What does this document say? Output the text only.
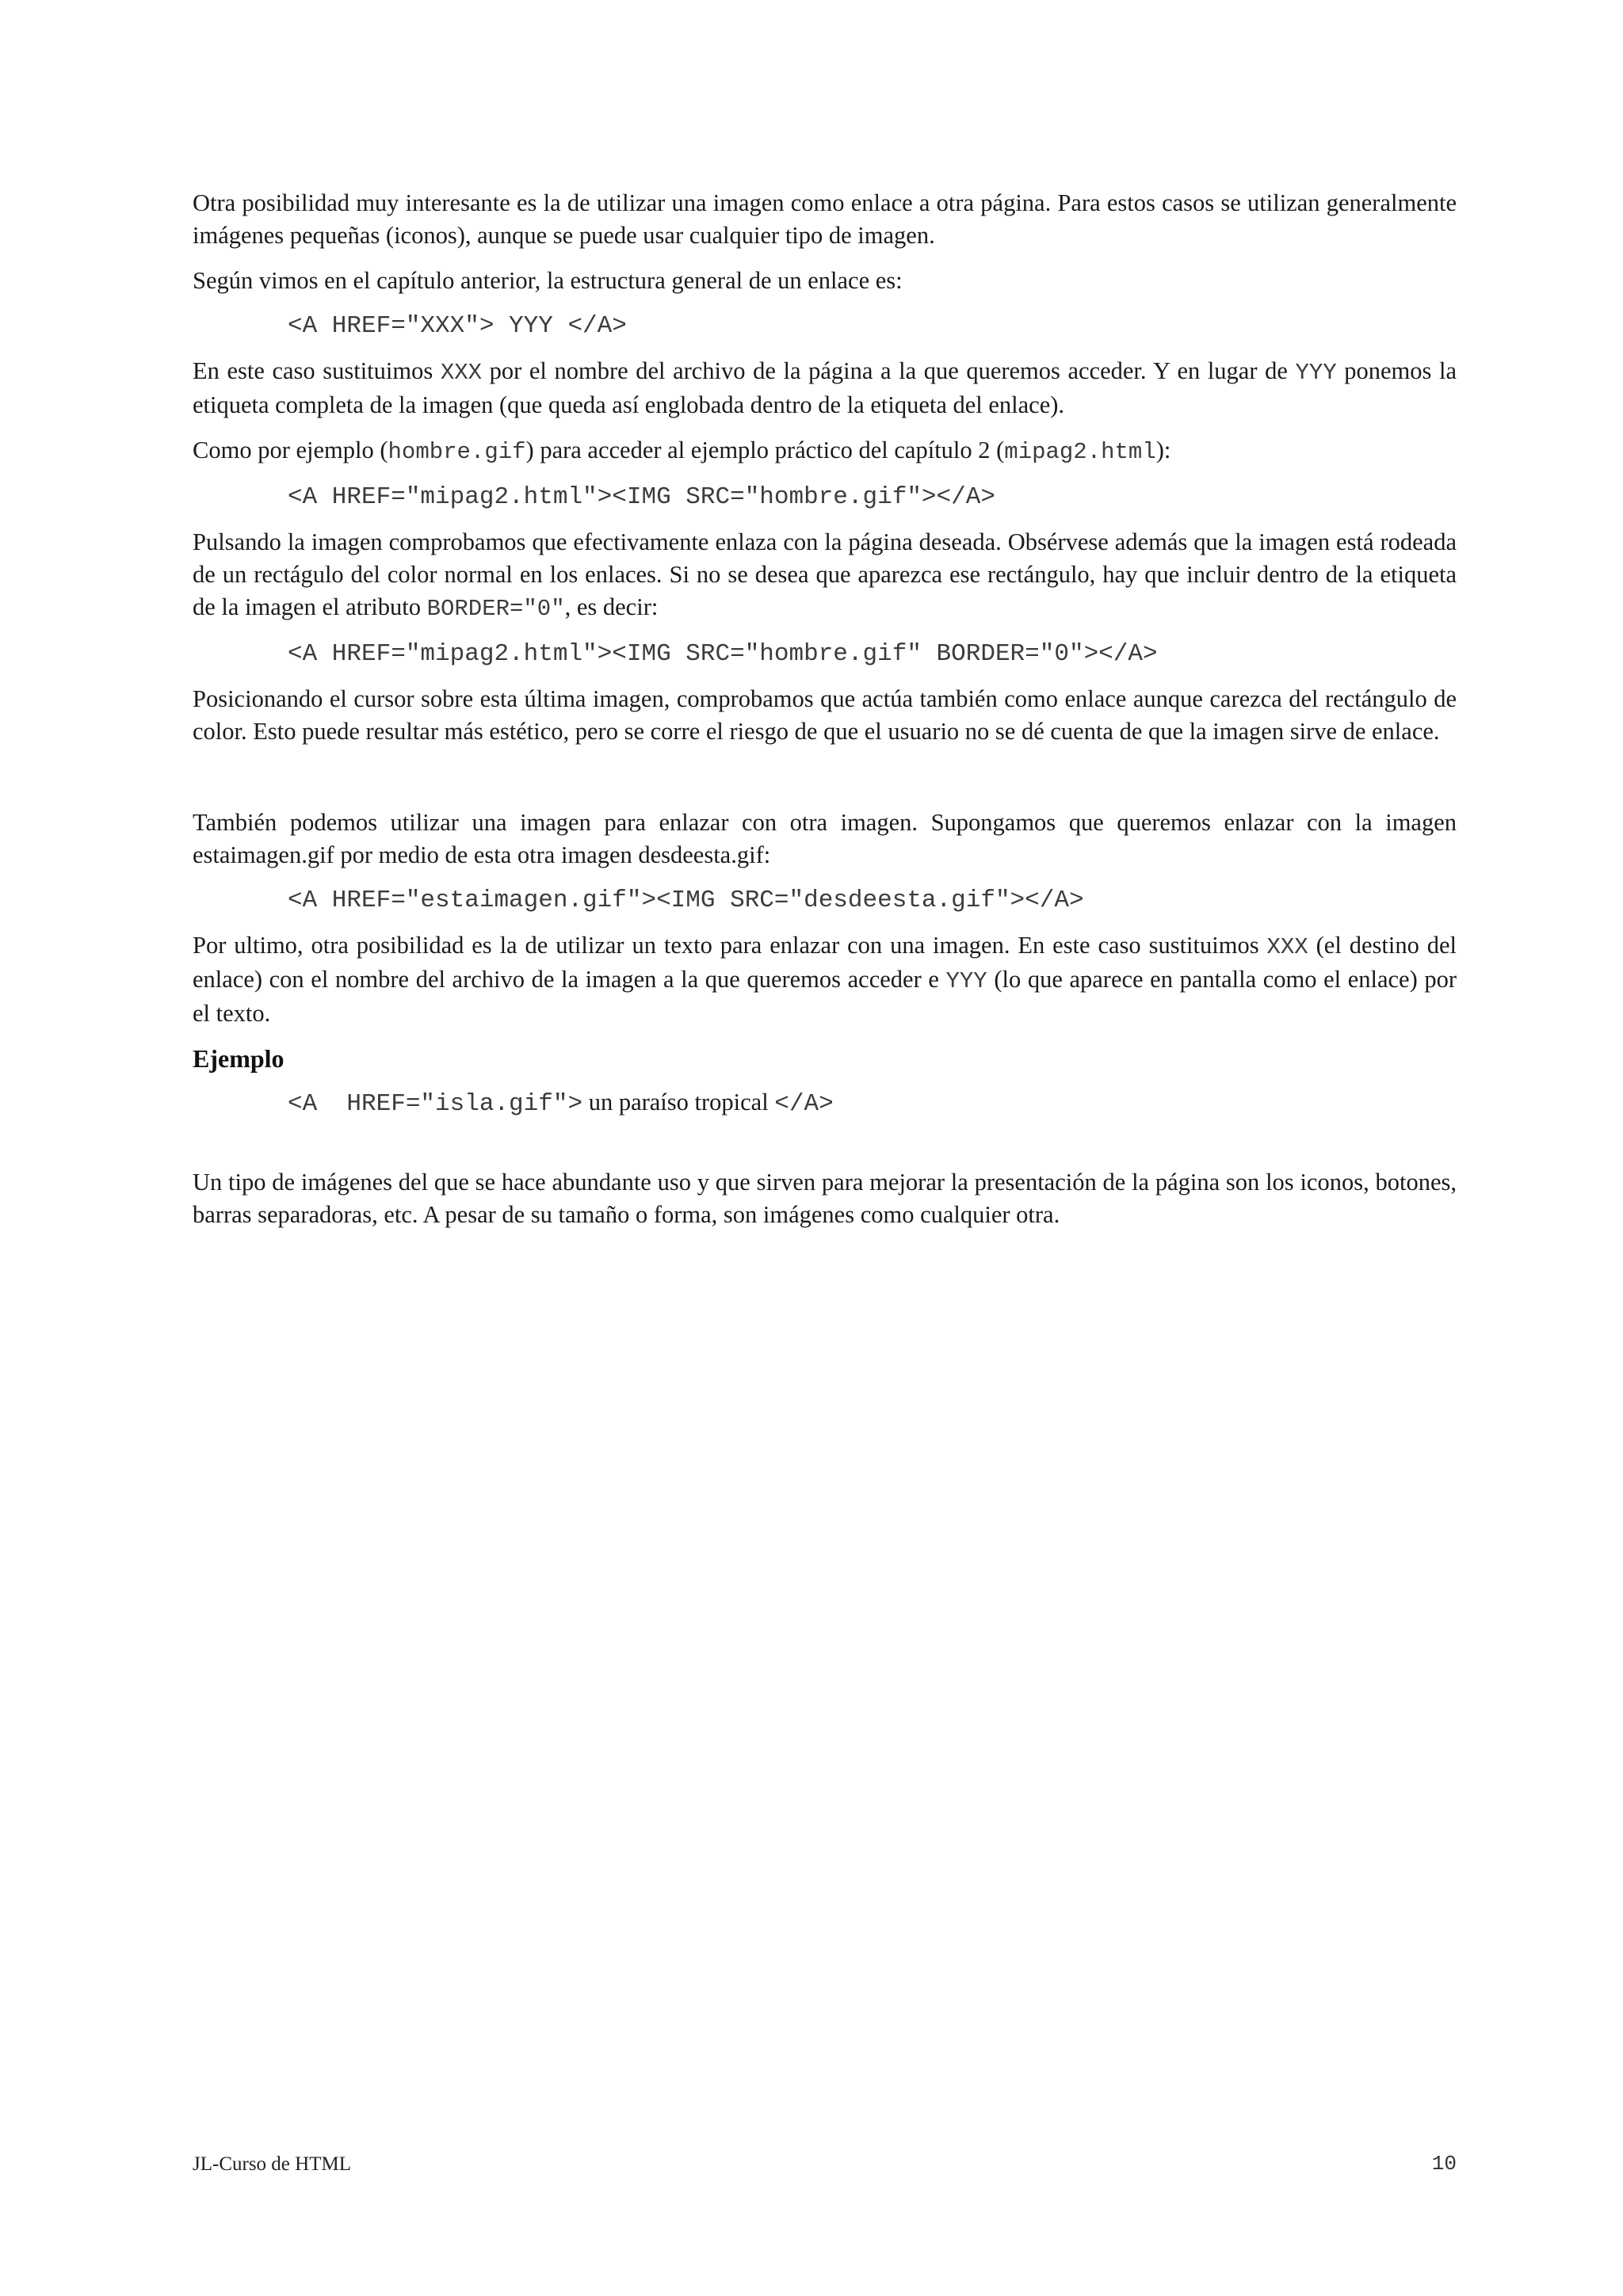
Otra posibilidad muy interesante es la de utilizar una imagen como enlace a otra página. Para estos casos se utilizan generalmente imágenes pequeñas (iconos), aunque se puede usar cualquier tipo de imagen.

Según vimos en el capítulo anterior, la estructura general de un enlace es:

<A HREF="XXX"> YYY </A>

En este caso sustituimos XXX por el nombre del archivo de la página a la que queremos acceder. Y en lugar de YYY ponemos la etiqueta completa de la imagen (que queda así englobada dentro de la etiqueta del enlace).

Como por ejemplo (hombre.gif) para acceder al ejemplo práctico del capítulo 2 (mipag2.html):

<A HREF="mipag2.html"><IMG SRC="hombre.gif"></A>

Pulsando la imagen comprobamos que efectivamente enlaza con la página deseada. Obsérvese además que la imagen está rodeada de un rectágulo del color normal en los enlaces. Si no se desea que aparezca ese rectángulo, hay que incluir dentro de la etiqueta de la imagen el atributo BORDER="0", es decir:

<A HREF="mipag2.html"><IMG SRC="hombre.gif" BORDER="0"></A>

Posicionando el cursor sobre esta última imagen, comprobamos que actúa también como enlace aunque carezca del rectángulo de color. Esto puede resultar más estético, pero se corre el riesgo de que el usuario no se dé cuenta de que la imagen sirve de enlace.

También podemos utilizar una imagen para enlazar con otra imagen. Supongamos que queremos enlazar con la imagen estaimagen.gif por medio de esta otra imagen desdeesta.gif:

<A HREF="estaimagen.gif"><IMG SRC="desdeesta.gif"></A>

Por ultimo, otra posibilidad es la de utilizar un texto para enlazar con una imagen. En este caso sustituimos XXX (el destino del enlace) con el nombre del archivo de la imagen a la que queremos acceder e YYY (lo que aparece en pantalla como el enlace) por el texto.

Ejemplo
<A  HREF="isla.gif"> un paraíso tropical </A>

Un tipo de imágenes del que se hace abundante uso y que sirven para mejorar la presentación de la página son los iconos, botones, barras separadoras, etc. A pesar de su tamaño o forma, son imágenes como cualquier otra.

JL-Curso de HTML	10
